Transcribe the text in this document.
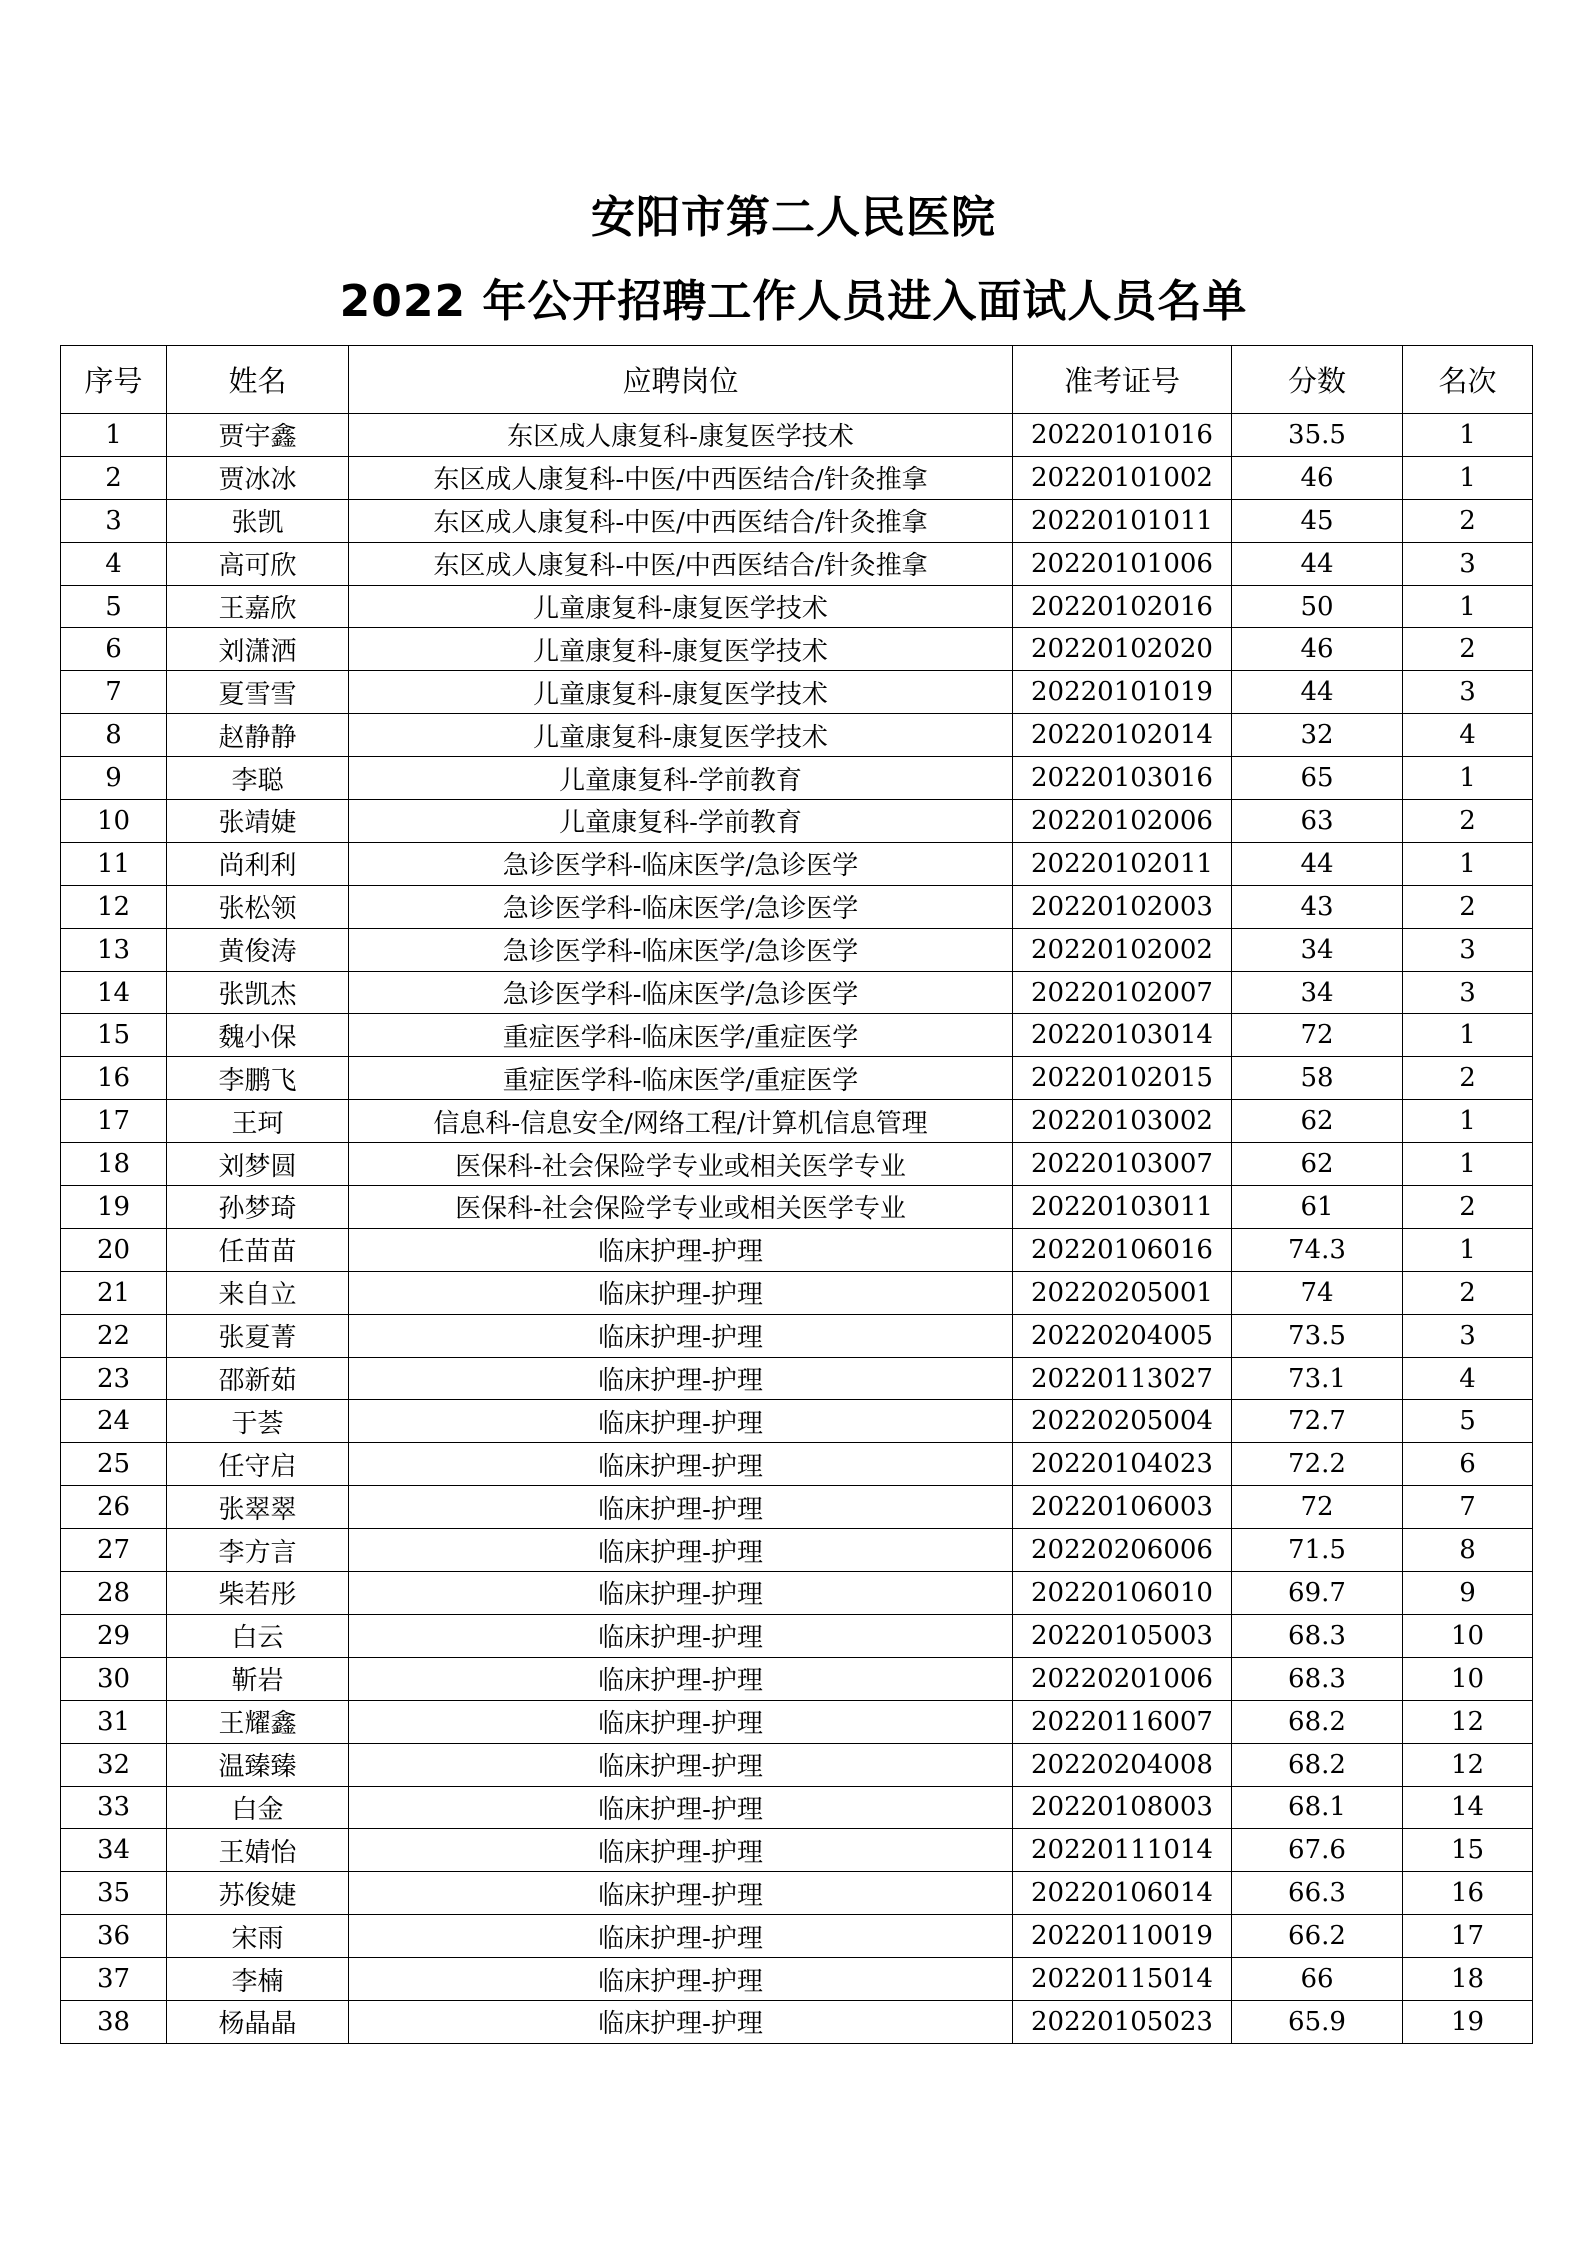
安阳市第二人民医院
2022 年公开招聘工作人员进入面试人员名单
序号	姓名	应聘岗位	准考证号	分数	名次
1	贾宇鑫	东区成人康复科-康复医学技术	20220101016	35.5	1
2	贾冰冰	东区成人康复科-中医/中西医结合/针灸推拿	20220101002	46	1
3	张凯	东区成人康复科-中医/中西医结合/针灸推拿	20220101011	45	2
4	高可欣	东区成人康复科-中医/中西医结合/针灸推拿	20220101006	44	3
5	王嘉欣	儿童康复科-康复医学技术	20220102016	50	1
6	刘潇洒	儿童康复科-康复医学技术	20220102020	46	2
7	夏雪雪	儿童康复科-康复医学技术	20220101019	44	3
8	赵静静	儿童康复科-康复医学技术	20220102014	32	4
9	李聪	儿童康复科-学前教育	20220103016	65	1
10	张靖婕	儿童康复科-学前教育	20220102006	63	2
11	尚利利	急诊医学科-临床医学/急诊医学	20220102011	44	1
12	张松领	急诊医学科-临床医学/急诊医学	20220102003	43	2
13	黄俊涛	急诊医学科-临床医学/急诊医学	20220102002	34	3
14	张凯杰	急诊医学科-临床医学/急诊医学	20220102007	34	3
15	魏小保	重症医学科-临床医学/重症医学	20220103014	72	1
16	李鹏飞	重症医学科-临床医学/重症医学	20220102015	58	2
17	王珂	信息科-信息安全/网络工程/计算机信息管理	20220103002	62	1
18	刘梦圆	医保科-社会保险学专业或相关医学专业	20220103007	62	1
19	孙梦琦	医保科-社会保险学专业或相关医学专业	20220103011	61	2
20	任苗苗	临床护理-护理	20220106016	74.3	1
21	来自立	临床护理-护理	20220205001	74	2
22	张夏菁	临床护理-护理	20220204005	73.5	3
23	邵新茹	临床护理-护理	20220113027	73.1	4
24	于荟	临床护理-护理	20220205004	72.7	5
25	任守启	临床护理-护理	20220104023	72.2	6
26	张翠翠	临床护理-护理	20220106003	72	7
27	李方言	临床护理-护理	20220206006	71.5	8
28	柴若彤	临床护理-护理	20220106010	69.7	9
29	白云	临床护理-护理	20220105003	68.3	10
30	靳岩	临床护理-护理	20220201006	68.3	10
31	王耀鑫	临床护理-护理	20220116007	68.2	12
32	温臻臻	临床护理-护理	20220204008	68.2	12
33	白金	临床护理-护理	20220108003	68.1	14
34	王婧怡	临床护理-护理	20220111014	67.6	15
35	苏俊婕	临床护理-护理	20220106014	66.3	16
36	宋雨	临床护理-护理	20220110019	66.2	17
37	李楠	临床护理-护理	20220115014	66	18
38	杨晶晶	临床护理-护理	20220105023	65.9	19
